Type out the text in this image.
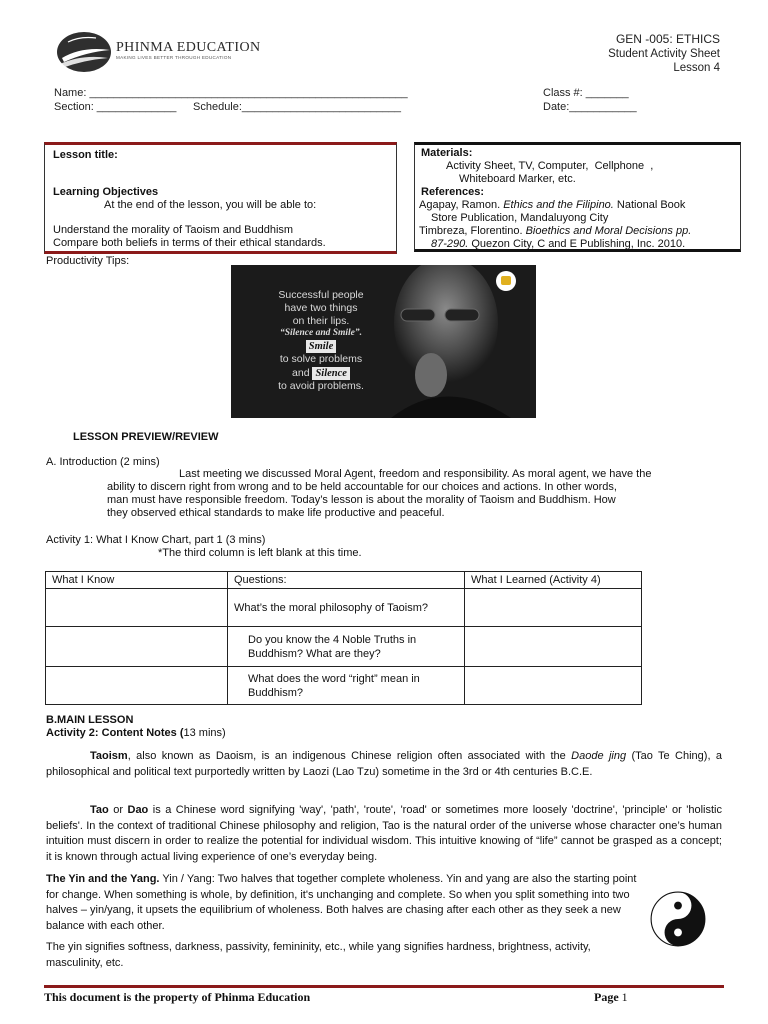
PHINMA EDUCATION
MAKING LIVES BETTER THROUGH EDUCATION
GEN -005: ETHICS
Student Activity Sheet
Lesson 4
Name: ____________________________________________________
Section: _____________ Schedule:__________________________
Class #: _______
Date:___________
Lesson title:
Learning Objectives
At the end of the lesson, you will be able to:
Understand the morality of Taoism and Buddhism
Compare both beliefs in terms of their ethical standards.
Materials:
Activity Sheet, TV, Computer,  Cellphone  ,
Whiteboard Marker, etc.
References:
Agapay, Ramon. Ethics and the Filipino. National Book
Store Publication, Mandaluyong City
Timbreza, Florentino. Bioethics and Moral Decisions pp.
87-290. Quezon City, C and E Publishing, Inc. 2010.
Productivity Tips:
Successful people
have two things
on their lips.
“Silence and Smile”.
Smile
to solve problems
and Silence
to avoid problems.
LESSON PREVIEW/REVIEW
A. Introduction (2 mins)
Last meeting we discussed Moral Agent, freedom and responsibility. As moral agent, we have the
ability to discern right from wrong and to be held accountable for our choices and actions. In other words,
man must have responsible freedom. Today’s lesson is about the morality of Taoism and Buddhism. How
they observed ethical standards to make life productive and peaceful.
Activity 1: What I Know Chart, part 1 (3 mins)
*The third column is left blank at this time.
What I Know	Questions:	What I Learned (Activity 4)
	What’s the moral philosophy of Taoism?	
	Do you know the 4 Noble Truths in Buddhism? What are they?	
	What does the word “right” mean in Buddhism?	
B.MAIN LESSON
Activity 2: Content Notes (13 mins)
Taoism, also known as Daoism, is an indigenous Chinese religion often associated with the Daode jing (Tao Te Ching), a philosophical and political text purportedly written by Laozi (Lao Tzu) sometime in the 3rd or 4th centuries B.C.E.
Tao or Dao is a Chinese word signifying 'way', 'path', 'route', 'road' or sometimes more loosely 'doctrine', 'principle' or 'holistic beliefs'. In the context of traditional Chinese philosophy and religion, Tao is the natural order of the universe whose character one’s human intuition must discern in order to realize the potential for individual wisdom. This intuitive knowing of “life” cannot be grasped as a concept; it is known through actual living experience of one’s everyday being.
The Yin and the Yang. Yin / Yang: Two halves that together complete wholeness. Yin and yang are also the starting point for change. When something is whole, by definition, it's unchanging and complete. So when you split something into two halves – yin/yang, it upsets the equilibrium of wholeness. Both halves are chasing after each other as they seek a new balance with each other.
The yin signifies softness, darkness, passivity, femininity, etc., while yang signifies hardness, brightness, activity, masculinity, etc.
This document is the property of Phinma Education	Page 1
